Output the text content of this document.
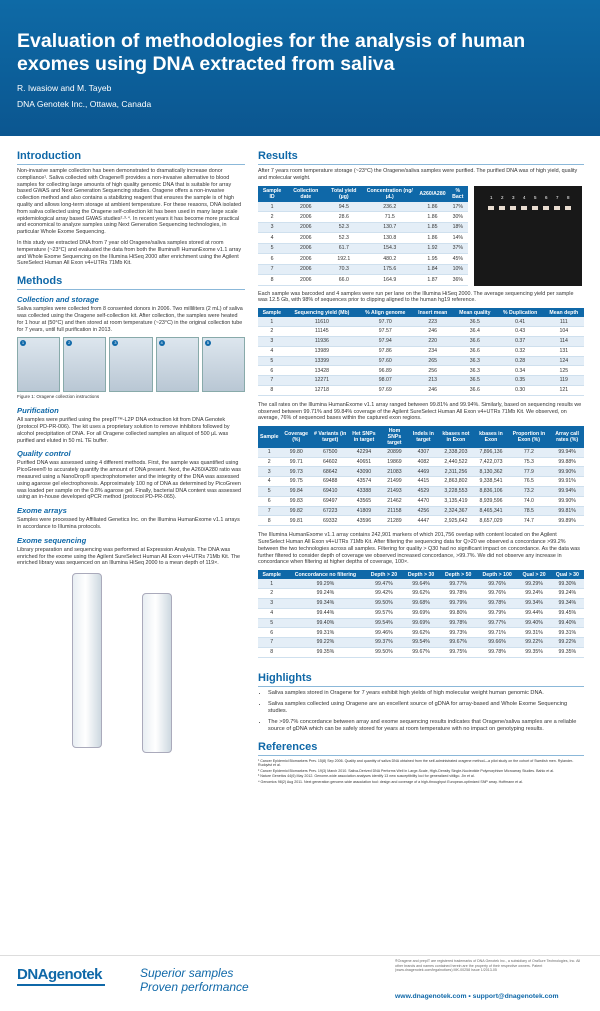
Evaluation of methodologies for the analysis of human exomes using DNA extracted from saliva
R. Iwasiow and M. Tayeb
DNA Genotek Inc., Ottawa, Canada
Introduction

Non-invasive sample collection has been demonstrated to dramatically increase donor compliance¹. Saliva collected with Oragene® provides a non-invasive alternative to blood samples for collecting large amounts of high quality genomic DNA that is suitable for array based GWAS and Next Generation Sequencing studies. Oragene offers a non-invasive collection method and also contains a stabilizing reagent that ensures the sample is of high quality and allows long-term storage at ambient temperature. For these reasons, DNA isolated from saliva collected using the Oragene self-collection kit has been used in many large scale epidemiological array based GWAS studies²·³·⁴. In recent years it has become more practical and economical to analyze samples using Next Generation Sequencing technologies, in particular Whole Exome Sequencing.

In this study we extracted DNA from 7 year old Oragene/saliva samples stored at room temperature (~23°C) and evaluated the data from both the Illumina® HumanExome v1.1 array and Whole Exome Sequencing on the Illumina HiSeq 2000 after enrichment using the Agilent SureSelect Human All Exon v4+UTRs 71Mb Kit.

Methods
Collection and storage

Saliva samples were collected from 8 consented donors in 2006. Two milliliters (2 mL) of saliva was collected using the Oragene self-collection kit. After collection, the samples were heated for 1 hour at (50°C) and then stored at room temperature (~23°C) in the original collection tube for 7 years, until full purification in 2013.

1	2	3	4	5

Figure 1: Oragene collection instructions

Purification

All samples were purified using the prepIT™-L2P DNA extraction kit from DNA Genotek (protocol PD-PR-006). The kit uses a proprietary solution to remove inhibitors followed by alcohol precipitation of DNA. For all Oragene collected samples an aliquot of 500 µL was purified and eluted in 50 mL TE buffer.

Quality control

Purified DNA was assessed using 4 different methods. First, the sample was quantified using PicoGreen® to accurately quantify the amount of DNA present. Next, the A260/A280 ratio was measured using a NanoDrop® spectrophotometer and the integrity of the DNA was assessed using agarose gel electrophoresis. Approximately 100 ng of DNA as determined by PicoGreen was loaded per sample on the 0.8% agarose gel. Finally, bacterial DNA content was assessed using an in-house developed qPCR method (protocol PD-PR-065).

Exome arrays

Samples were processed by Affiliated Genetics Inc. on the Illumina HumanExome v1.1 arrays in accordance to Illumina protocols.

Exome sequencing

Library preparation and sequencing was performed at Expression Analysis. The DNA was enriched for the exome using the Agilent SureSelect Human All Exon v4+UTRs 71Mb Kit. The enriched library was sequenced on an Illumina HiSeq 2000 to a mean depth of 119×.

Results

After 7 years room temperature storage (~23°C) the Oragene/saliva samples were purified. The purified DNA was of high yield, quality and molecular weight.

Sample ID	Collection date	Total yield (µg)	Concentration (ng/µL)	A260/A280	% Bact
1	2006	94.5	236.2	1.86	17%
2	2006	28.6	71.5	1.86	30%
3	2006	52.3	130.7	1.85	18%
4	2006	52.3	130.8	1.86	14%
5	2006	61.7	154.3	1.92	37%
6	2006	192.1	480.2	1.95	45%
7	2006	70.3	175.6	1.84	10%
8	2006	66.0	164.9	1.87	36%
1 2 3 4 5 6 7 8

Each sample was barcoded and 4 samples were run per lane on the Illumina HiSeq 2000. The average sequencing yield per sample was 12.5 Gb, with 98% of sequences prior to clipping aligned to the human hg19 reference.

Sample	Sequencing yield (Mb)	% Align genome	Insert mean	Mean quality	% Duplication	Mean depth
1	11610	97.70	223	36.5	0.41	111
2	11145	97.57	246	36.4	0.43	104
3	11936	97.94	220	36.6	0.37	114
4	13989	97.86	234	36.6	0.32	131
5	13399	97.60	265	36.3	0.28	124
6	13428	96.89	256	36.3	0.34	125
7	12271	98.07	213	36.5	0.35	119
8	12718	97.69	246	36.6	0.30	121

The call rates on the Illumina HumanExome v1.1 array ranged between 99.81% and 99.94%. Similarly, based on sequencing results we observed between 99.71% and 99.84% coverage of the Agilent SureSelect Human All Exon v4+UTRs 71Mb Kit. We observed, on average, 76% of sequenced bases within the captured exon regions.

Sample	Coverage (%)	# Variants (in target)	Het SNPs in target	Hom SNPs target	Indels in target	kbases not in Exon	kbases in Exon	Proportion in Exon (%)	Array call rates (%)
1	99.80	67500	42294	20899	4307	2,338,203	7,896,136	77.2	99.94%
2	99.71	64602	40651	19869	4082	2,440,522	7,422,073	75.3	99.88%
3	99.73	68642	43090	21083	4469	2,311,256	8,130,362	77.9	99.90%
4	99.75	69488	43574	21499	4415	2,863,802	9,338,541	76.5	99.91%
5	99.84	69410	43388	21493	4529	3,228,553	8,836,106	73.2	99.94%
6	99.83	69497	43565	21462	4470	3,135,419	8,939,596	74.0	99.90%
7	99.82	67223	41809	21158	4256	2,324,367	8,465,341	78.5	99.81%
8	99.81	69332	43596	21289	4447	2,925,642	8,657,029	74.7	99.89%

The Illumina HumanExome v1.1 array contains 242,901 markers of which 201,756 overlap with content located on the Agilent SureSelect Human All Exon v4+UTRs 71Mb Kit. After filtering the sequencing data for Q>20 we observed a concordance >99.2% between the two technologies across all samples. Filtering for quality > Q30 had no significant impact on concordance. As the data was further filtered to consider depth of coverage we observed increased concordance, >99.7%. We did not observe any increase in concordance when filtering at higher depths of coverage, 100×.

Sample	Concordance no filtering	Depth > 20	Depth > 30	Depth > 50	Depth > 100	Qual > 20	Qual > 30
1	99.29%	99.47%	99.64%	99.77%	99.76%	99.29%	99.30%
2	99.24%	99.42%	99.62%	99.78%	99.76%	99.24%	99.24%
3	99.34%	99.50%	99.68%	99.79%	99.78%	99.34%	99.34%
4	99.44%	99.57%	99.69%	99.80%	99.79%	99.44%	99.45%
5	99.40%	99.54%	99.69%	99.78%	99.77%	99.40%	99.40%
6	99.31%	99.46%	99.62%	99.73%	99.71%	99.31%	99.31%
7	99.22%	99.37%	99.54%	99.67%	99.66%	99.22%	99.22%
8	99.35%	99.50%	99.67%	99.75%	99.78%	99.35%	99.35%
Highlights
• Saliva samples stored in Oragene for 7 years exhibit high yields of high molecular weight human genomic DNA.
• Saliva samples collected using Oragene are an excellent source of gDNA for array-based and Whole Exome Sequencing studies.
• The >99.7% concordance between array and exome sequencing results indicates that Oragene/saliva samples are a reliable source of gDNA which can be safely stored for years at room temperature with no impact on genotyping results.
References
¹ Cancer Epidemiol Biomarkers Prev. 15(8) Sep 2006. Quality and quantity of saliva DNA obtained from the self-administrated oragene method—a pilot study on the cohort of Swedish men. Rylander-Rudqvist et al.
² Cancer Epidemiol Biomarkers Prev. 19(3) March 2010. Saliva-Derived DNA Performs Well in Large-Scale, High-Density Single-Nucleotide Polymorphism Microarray Studies. Bahlo et al.
³ Nature Genetics 44(6) May 2012. Genome-wide association analyses identify 13 new susceptibility loci for generalized vitiligo. Jin et al.
⁴ Genomics 98(2) Aug 2011. Next generation genome-wide association tool: design and coverage of a high-throughput European-optimized SNP array. Hoffmann et al.
DNAgenotek	Superior samples
Proven performance
®Oragene and prepIT are registered trademarks of DNA Genotek Inc., a subsidiary of OraSure Technologies, Inc. All other brands and names contained herein are the property of their respective owners. Patent (www.dnagenotek.com/legalnotices) MK-00258 Issue 1/2013-05
www.dnagenotek.com • support@dnagenotek.com
